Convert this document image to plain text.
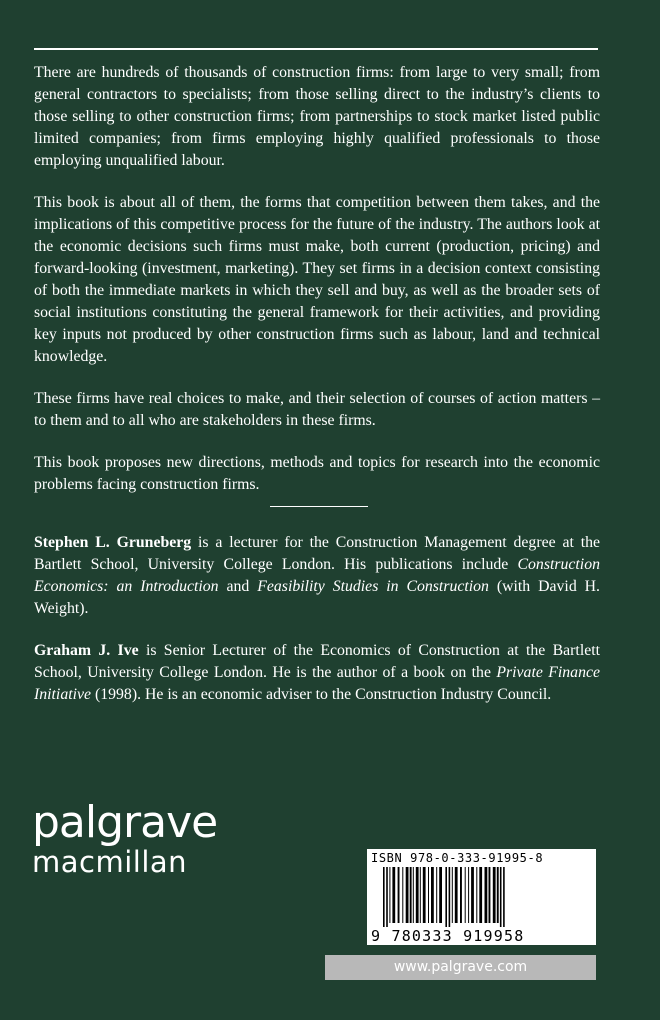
There are hundreds of thousands of construction firms: from large to very small; from general contractors to specialists; from those selling direct to the industry’s clients to those selling to other construction firms; from partnerships to stock market listed public limited companies; from firms employing highly qualified professionals to those employing unqualified labour.

This book is about all of them, the forms that competition between them takes, and the implications of this competitive process for the future of the industry. The authors look at the economic decisions such firms must make, both current (production, pricing) and forward-looking (investment, marketing). They set firms in a decision context consisting of both the immediate markets in which they sell and buy, as well as the broader sets of social institutions constituting the general framework for their activities, and providing key inputs not produced by other construction firms such as labour, land and technical knowledge.

These firms have real choices to make, and their selection of courses of action matters – to them and to all who are stakeholders in these firms.

This book proposes new directions, methods and topics for research into the economic problems facing construction firms.

Stephen L. Gruneberg is a lecturer for the Construction Management degree at the Bartlett School, University College London. His publications include Construction Economics: an Introduction and Feasibility Studies in Construction (with David H. Weight).

Graham J. Ive is Senior Lecturer of the Economics of Construction at the Bartlett School, University College London. He is the author of a book on the Private Finance Initiative (1998). He is an economic adviser to the Construction Industry Council.

palgrave
macmillan	ISBN 978-0-333-91995-8
9 780333 919958
www.palgrave.com
